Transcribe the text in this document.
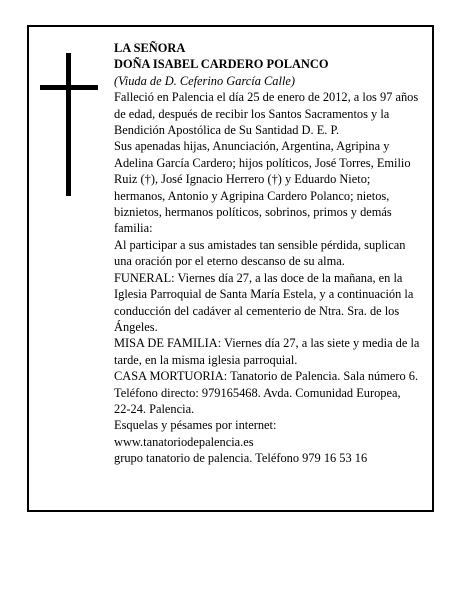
LA SEÑORA

DOÑA ISABEL CARDERO POLANCO

(Viuda de D. Ceferino García Calle)

Falleció en Palencia el día 25 de enero de 2012, a los 97 años de edad, después de recibir los Santos Sacramentos y la Bendición Apostólica de Su Santidad D. E. P.

Sus apenadas hijas, Anunciación, Argentina, Agripina y Adelina García Cardero; hijos políticos, José Torres, Emilio Ruiz (†), José Ignacio Herrero (†) y Eduardo Nieto; hermanos, Antonio y Agripina Cardero Polanco; nietos, biznietos, hermanos políticos, sobrinos, primos y demás familia:

Al participar a sus amistades tan sensible pérdida, suplican una oración por el eterno descanso de su alma.

FUNERAL: Viernes día 27, a las doce de la mañana, en la Iglesia Parroquial de Santa María Estela, y a continuación la conducción del cadáver al cementerio de Ntra. Sra. de los Ángeles.

MISA DE FAMILIA: Viernes día 27, a las siete y media de la tarde, en la misma iglesia parroquial.

CASA MORTUORIA: Tanatorio de Palencia. Sala número 6. Teléfono directo: 979165468. Avda. Comunidad Europea, 22-24. Palencia.

Esquelas y pésames por internet:

www.tanatoriodepalencia.es

grupo tanatorio de palencia. Teléfono 979 16 53 16
